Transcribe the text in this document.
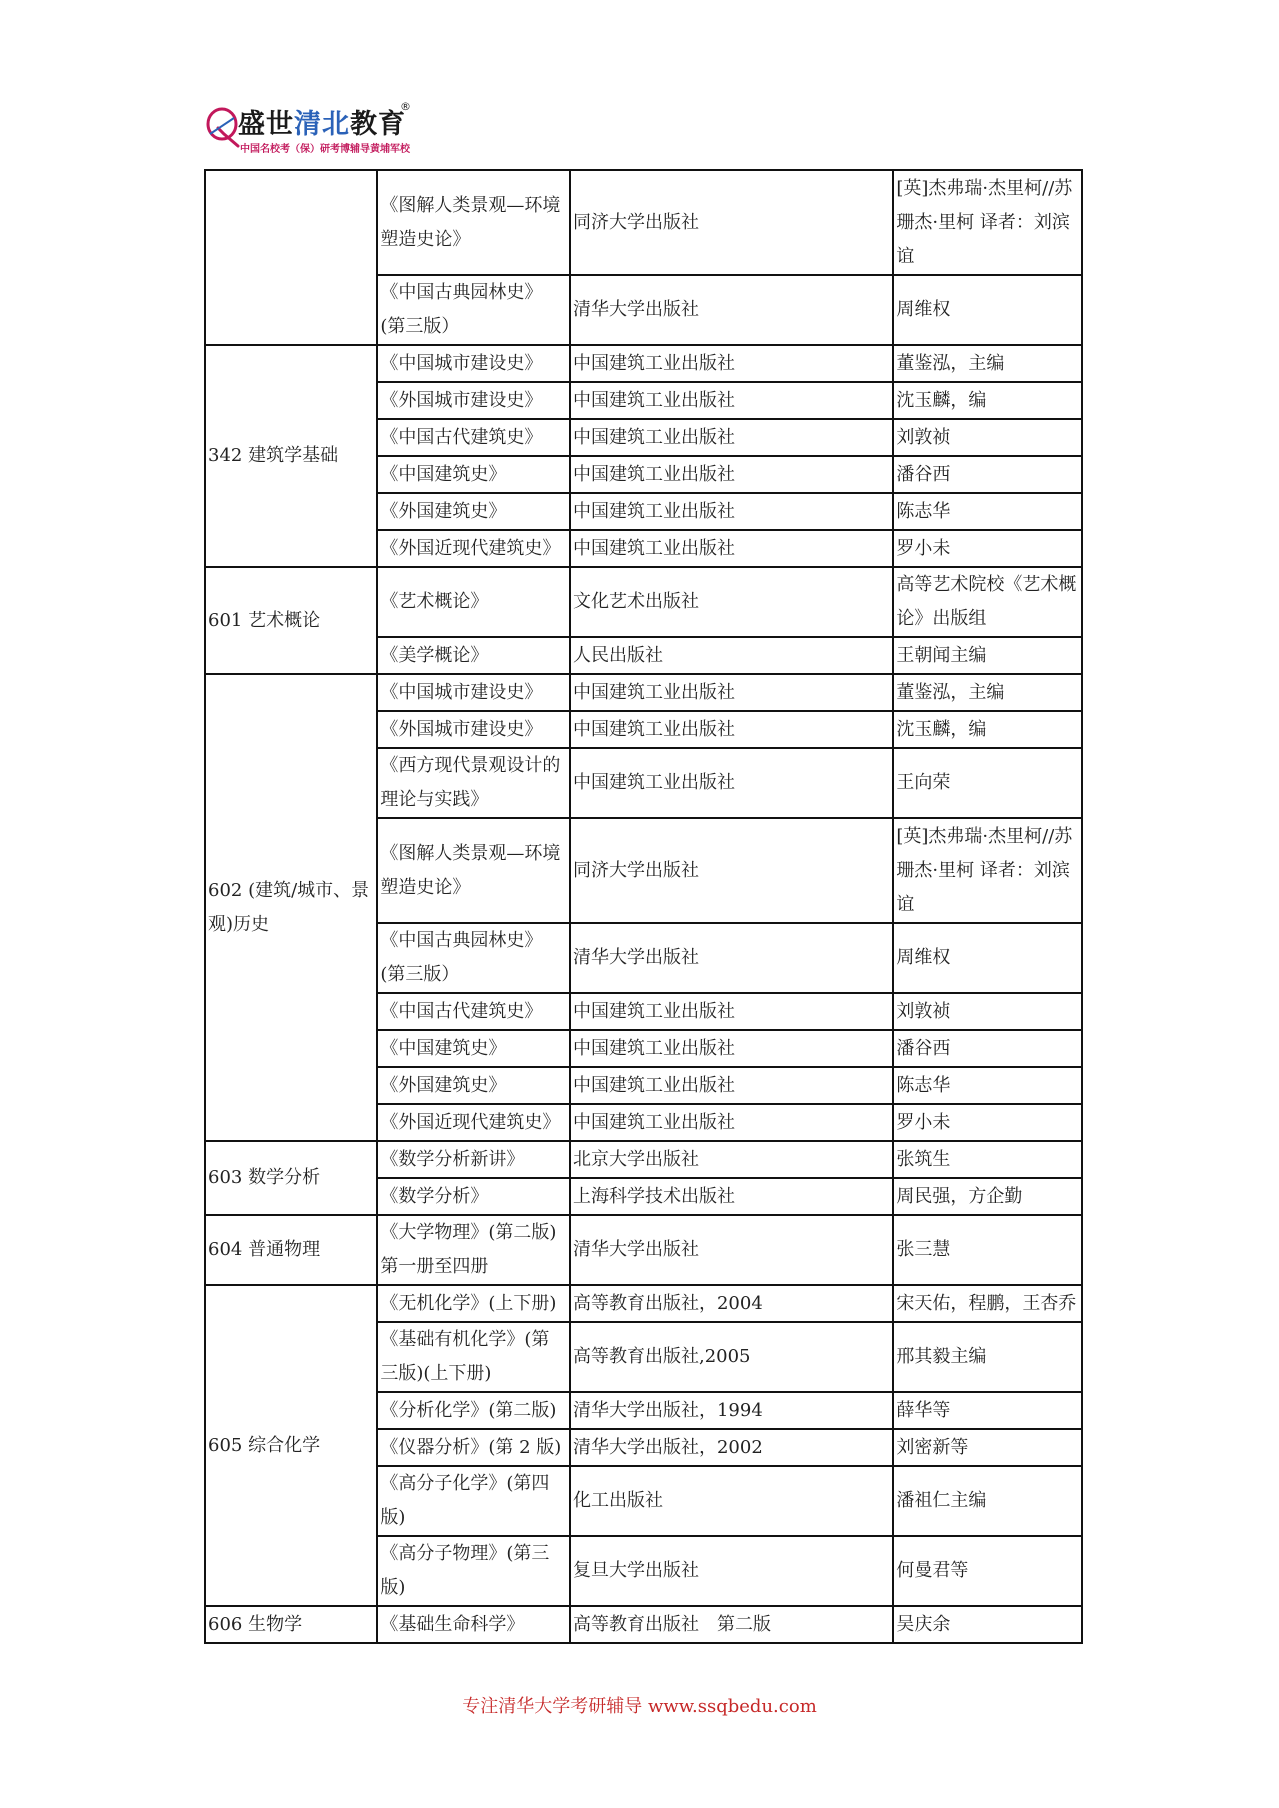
盛世清北教育
®
中国名校考（保）研考博辅导黄埔军校
	《图解人类景观—环境塑造史论》	同济大学出版社	[英]杰弗瑞·杰里柯//苏珊杰·里柯 译者：刘滨谊
	《中国古典园林史》(第三版）	清华大学出版社	周维权
342 建筑学基础	《中国城市建设史》	中国建筑工业出版社	董鉴泓，主编
	《外国城市建设史》	中国建筑工业出版社	沈玉麟，编
	《中国古代建筑史》	中国建筑工业出版社	刘敦祯
	《中国建筑史》	中国建筑工业出版社	潘谷西
	《外国建筑史》	中国建筑工业出版社	陈志华
	《外国近现代建筑史》	中国建筑工业出版社	罗小未
601 艺术概论	《艺术概论》	文化艺术出版社	高等艺术院校《艺术概论》出版组
	《美学概论》	人民出版社	王朝闻主编
602 (建筑/城市、景观)历史	《中国城市建设史》	中国建筑工业出版社	董鉴泓，主编
	《外国城市建设史》	中国建筑工业出版社	沈玉麟，编
	《西方现代景观设计的理论与实践》	中国建筑工业出版社	王向荣
	《图解人类景观—环境塑造史论》	同济大学出版社	[英]杰弗瑞·杰里柯//苏珊杰·里柯 译者：刘滨谊
	《中国古典园林史》(第三版）	清华大学出版社	周维权
	《中国古代建筑史》	中国建筑工业出版社	刘敦祯
	《中国建筑史》	中国建筑工业出版社	潘谷西
	《外国建筑史》	中国建筑工业出版社	陈志华
	《外国近现代建筑史》	中国建筑工业出版社	罗小未
603 数学分析	《数学分析新讲》	北京大学出版社	张筑生
	《数学分析》	上海科学技术出版社	周民强，方企勤
604 普通物理	《大学物理》(第二版)第一册至四册	清华大学出版社	张三慧
605 综合化学	《无机化学》(上下册)	高等教育出版社，2004	宋天佑，程鹏，王杏乔
	《基础有机化学》(第三版)(上下册)	高等教育出版社,2005	邢其毅主编
	《分析化学》(第二版)	清华大学出版社，1994	薛华等
	《仪器分析》(第 2 版)	清华大学出版社，2002	刘密新等
	《高分子化学》(第四版)	化工出版社	潘祖仁主编
	《高分子物理》(第三版)	复旦大学出版社	何曼君等
606 生物学	《基础生命科学》	高等教育出版社　第二版	吴庆余
专注清华大学考研辅导 www.ssqbedu.com
